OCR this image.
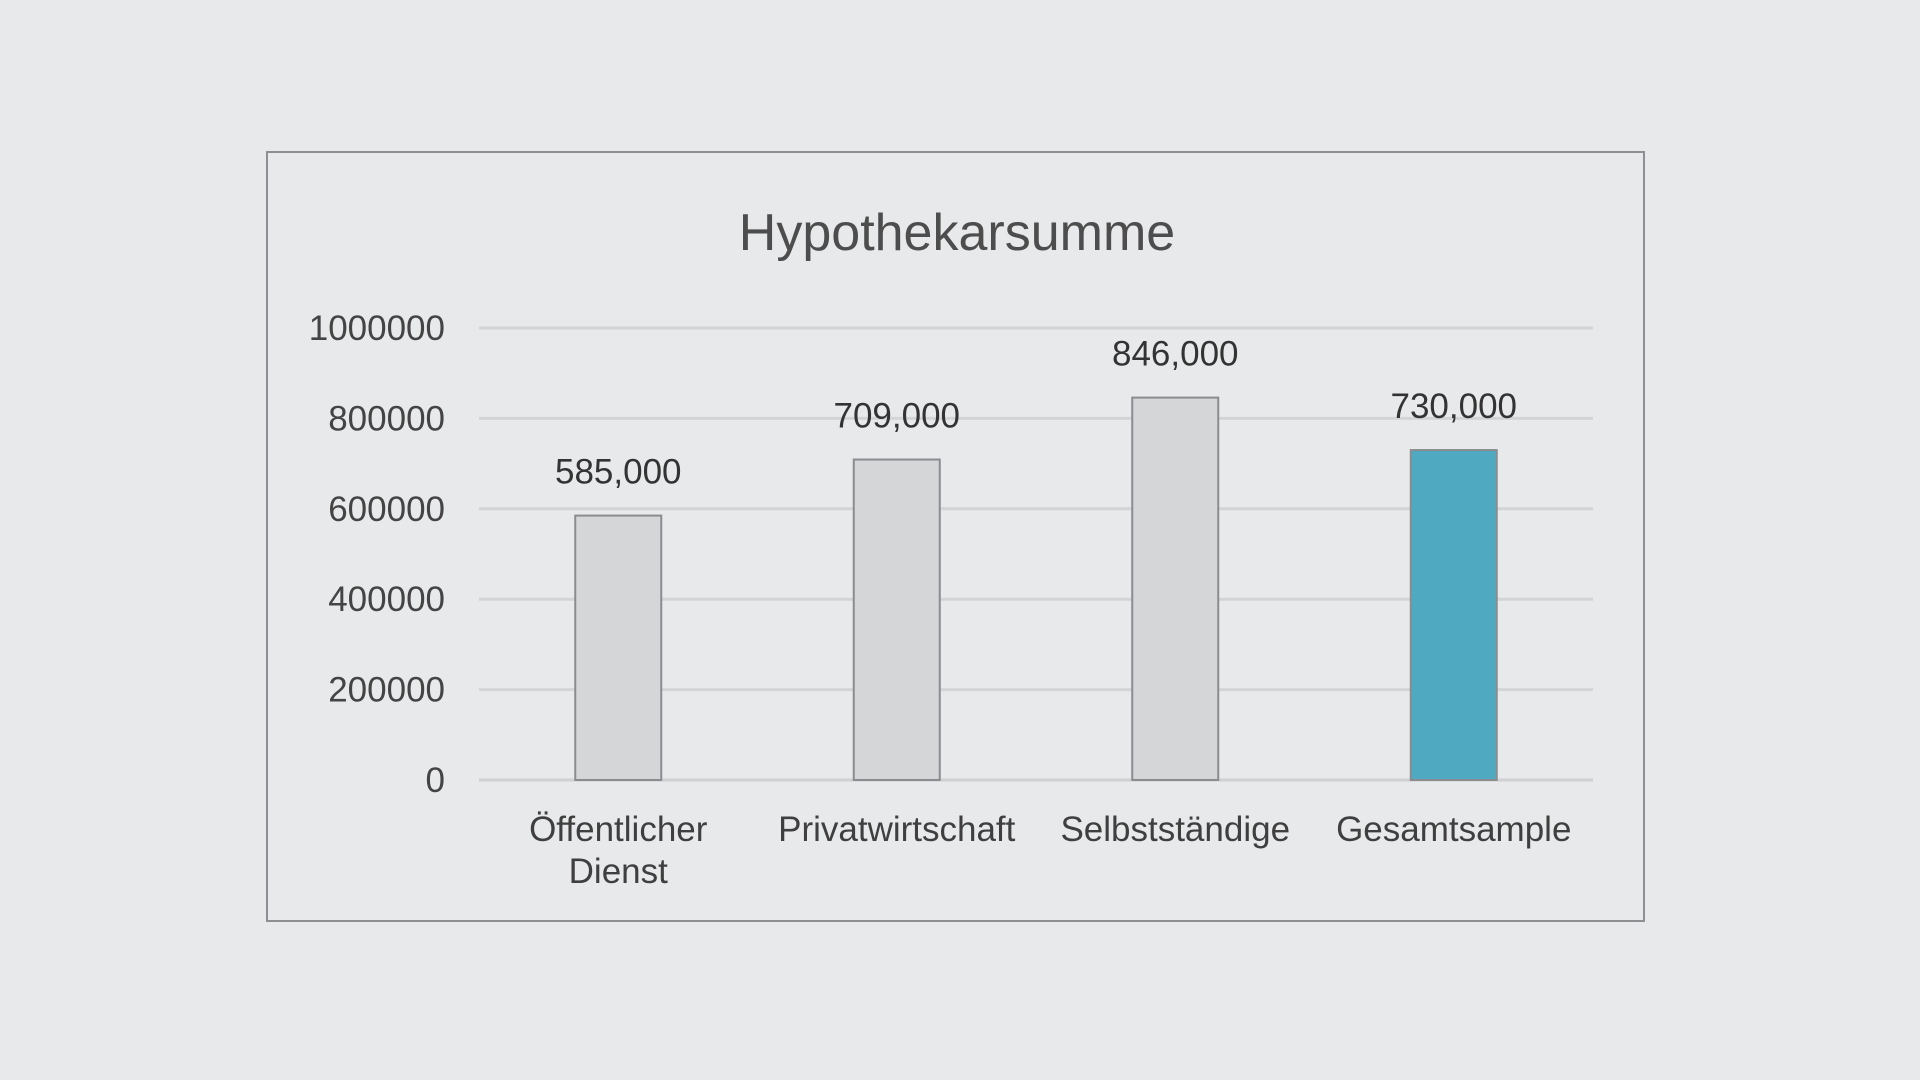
Hypothekarsumme
0
200000
400000
600000
800000
1000000
585,000
709,000
846,000
730,000
Öffentlicher
Dienst
Privatwirtschaft Selbstständige Gesamtsample
